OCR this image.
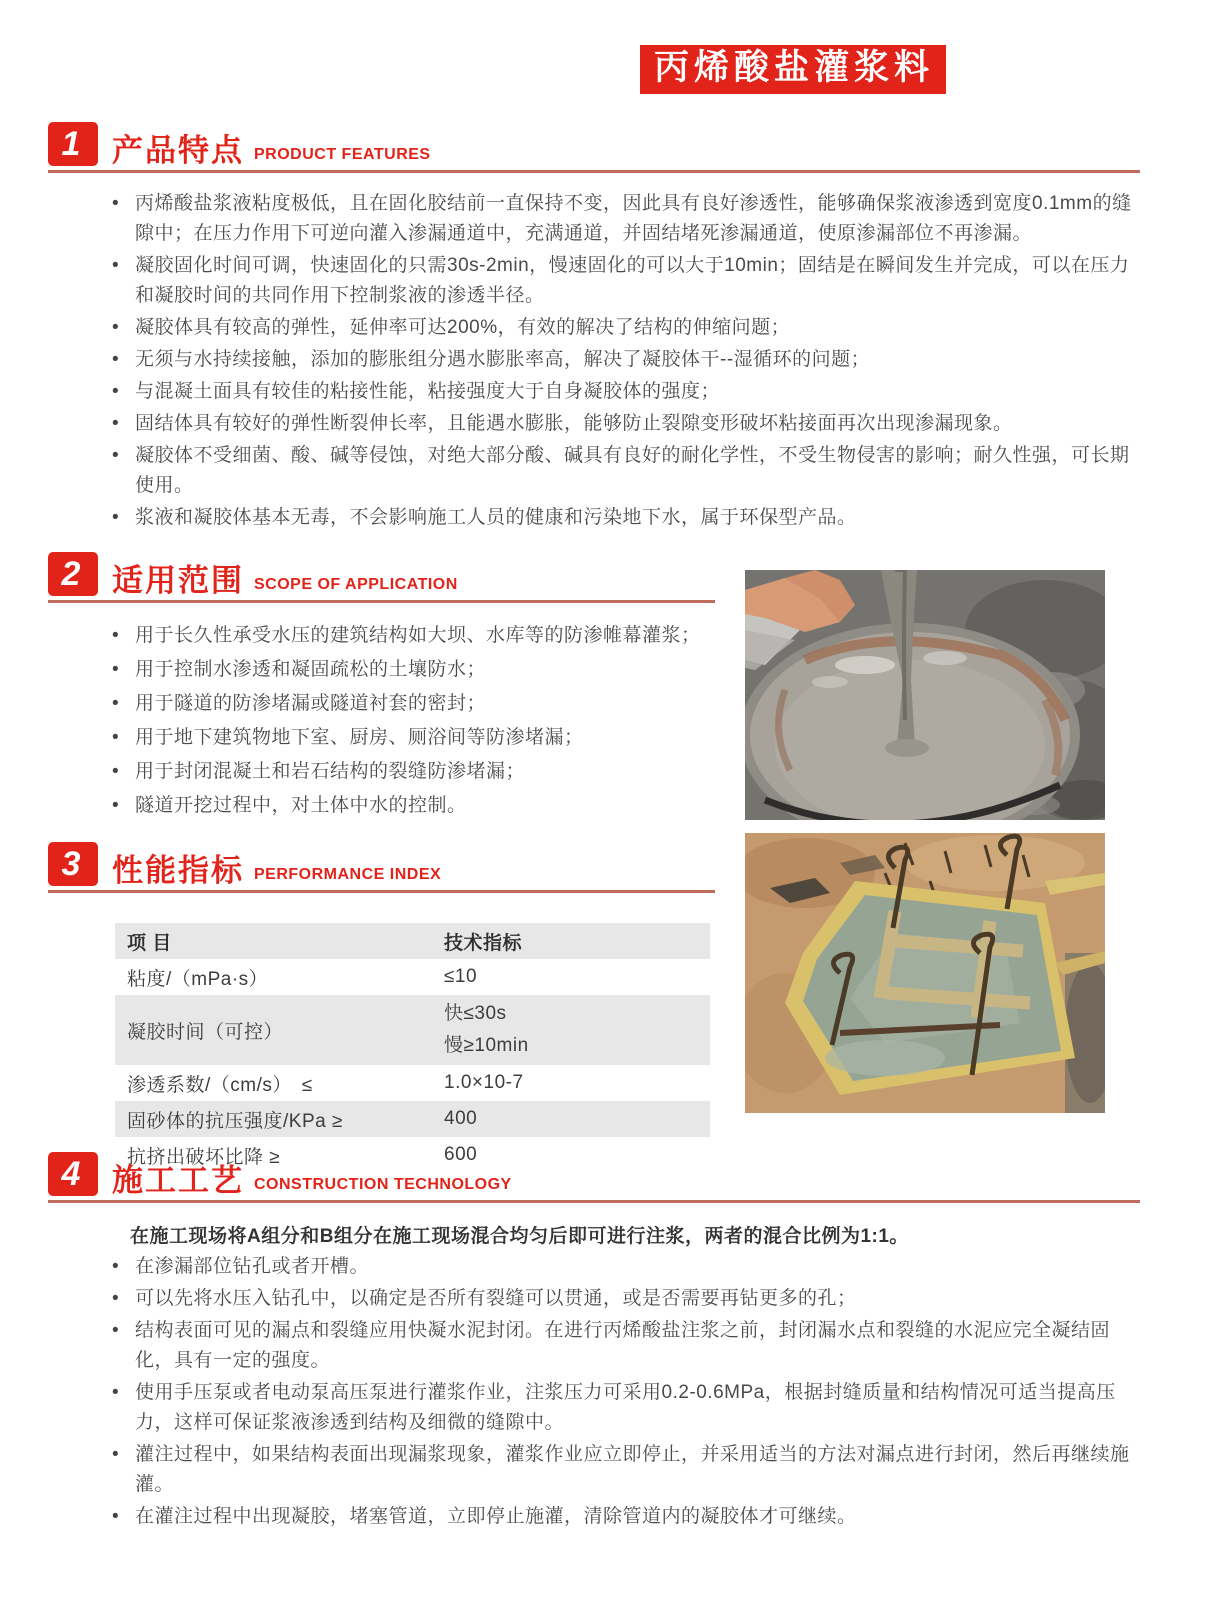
丙烯酸盐灌浆料
1	产品特点 PRODUCT FEATURES
• 丙烯酸盐浆液粘度极低，且在固化胶结前一直保持不变，因此具有良好渗透性，能够确保浆液渗透到宽度0.1mm的缝隙中；在压力作用下可逆向灌入渗漏通道中，充满通道，并固结堵死渗漏通道，使原渗漏部位不再渗漏。
• 凝胶固化时间可调，快速固化的只需30s-2min，慢速固化的可以大于10min；固结是在瞬间发生并完成，可以在压力和凝胶时间的共同作用下控制浆液的渗透半径。
• 凝胶体具有较高的弹性，延伸率可达200%，有效的解决了结构的伸缩问题；
• 无须与水持续接触，添加的膨胀组分遇水膨胀率高，解决了凝胶体干--湿循环的问题；
• 与混凝土面具有较佳的粘接性能，粘接强度大于自身凝胶体的强度；
• 固结体具有较好的弹性断裂伸长率，且能遇水膨胀，能够防止裂隙变形破坏粘接面再次出现渗漏现象。
• 凝胶体不受细菌、酸、碱等侵蚀，对绝大部分酸、碱具有良好的耐化学性，不受生物侵害的影响；耐久性强，可长期使用。
• 浆液和凝胶体基本无毒，不会影响施工人员的健康和污染地下水，属于环保型产品。
2	适用范围 SCOPE OF APPLICATION
• 用于长久性承受水压的建筑结构如大坝、水库等的防渗帷幕灌浆；
• 用于控制水渗透和凝固疏松的土壤防水；
• 用于隧道的防渗堵漏或隧道衬套的密封；
• 用于地下建筑物地下室、厨房、厕浴间等防渗堵漏；
• 用于封闭混凝土和岩石结构的裂缝防渗堵漏；
• 隧道开挖过程中，对土体中水的控制。
3	性能指标 PERFORMANCE INDEX
项 目	技术指标
粘度/（mPa·s）	≤10
凝胶时间（可控）	快≤30s
慢≥10min

渗透系数/（cm/s）　≤	1.0×10-7
固砂体的抗压强度/KPa ≥	400
抗挤出破坏比降 ≥	600
4	施工工艺 CONSTRUCTION TECHNOLOGY
在施工现场将A组分和B组分在施工现场混合均匀后即可进行注浆，两者的混合比例为1:1。
• 在渗漏部位钻孔或者开槽。
• 可以先将水压入钻孔中，以确定是否所有裂缝可以贯通，或是否需要再钻更多的孔；
• 结构表面可见的漏点和裂缝应用快凝水泥封闭。在进行丙烯酸盐注浆之前，封闭漏水点和裂缝的水泥应完全凝结固化，具有一定的强度。
• 使用手压泵或者电动泵高压泵进行灌浆作业，注浆压力可采用0.2-0.6MPa，根据封缝质量和结构情况可适当提高压力，这样可保证浆液渗透到结构及细微的缝隙中。
• 灌注过程中，如果结构表面出现漏浆现象，灌浆作业应立即停止，并采用适当的方法对漏点进行封闭，然后再继续施灌。
• 在灌注过程中出现凝胶，堵塞管道，立即停止施灌，清除管道内的凝胶体才可继续。
